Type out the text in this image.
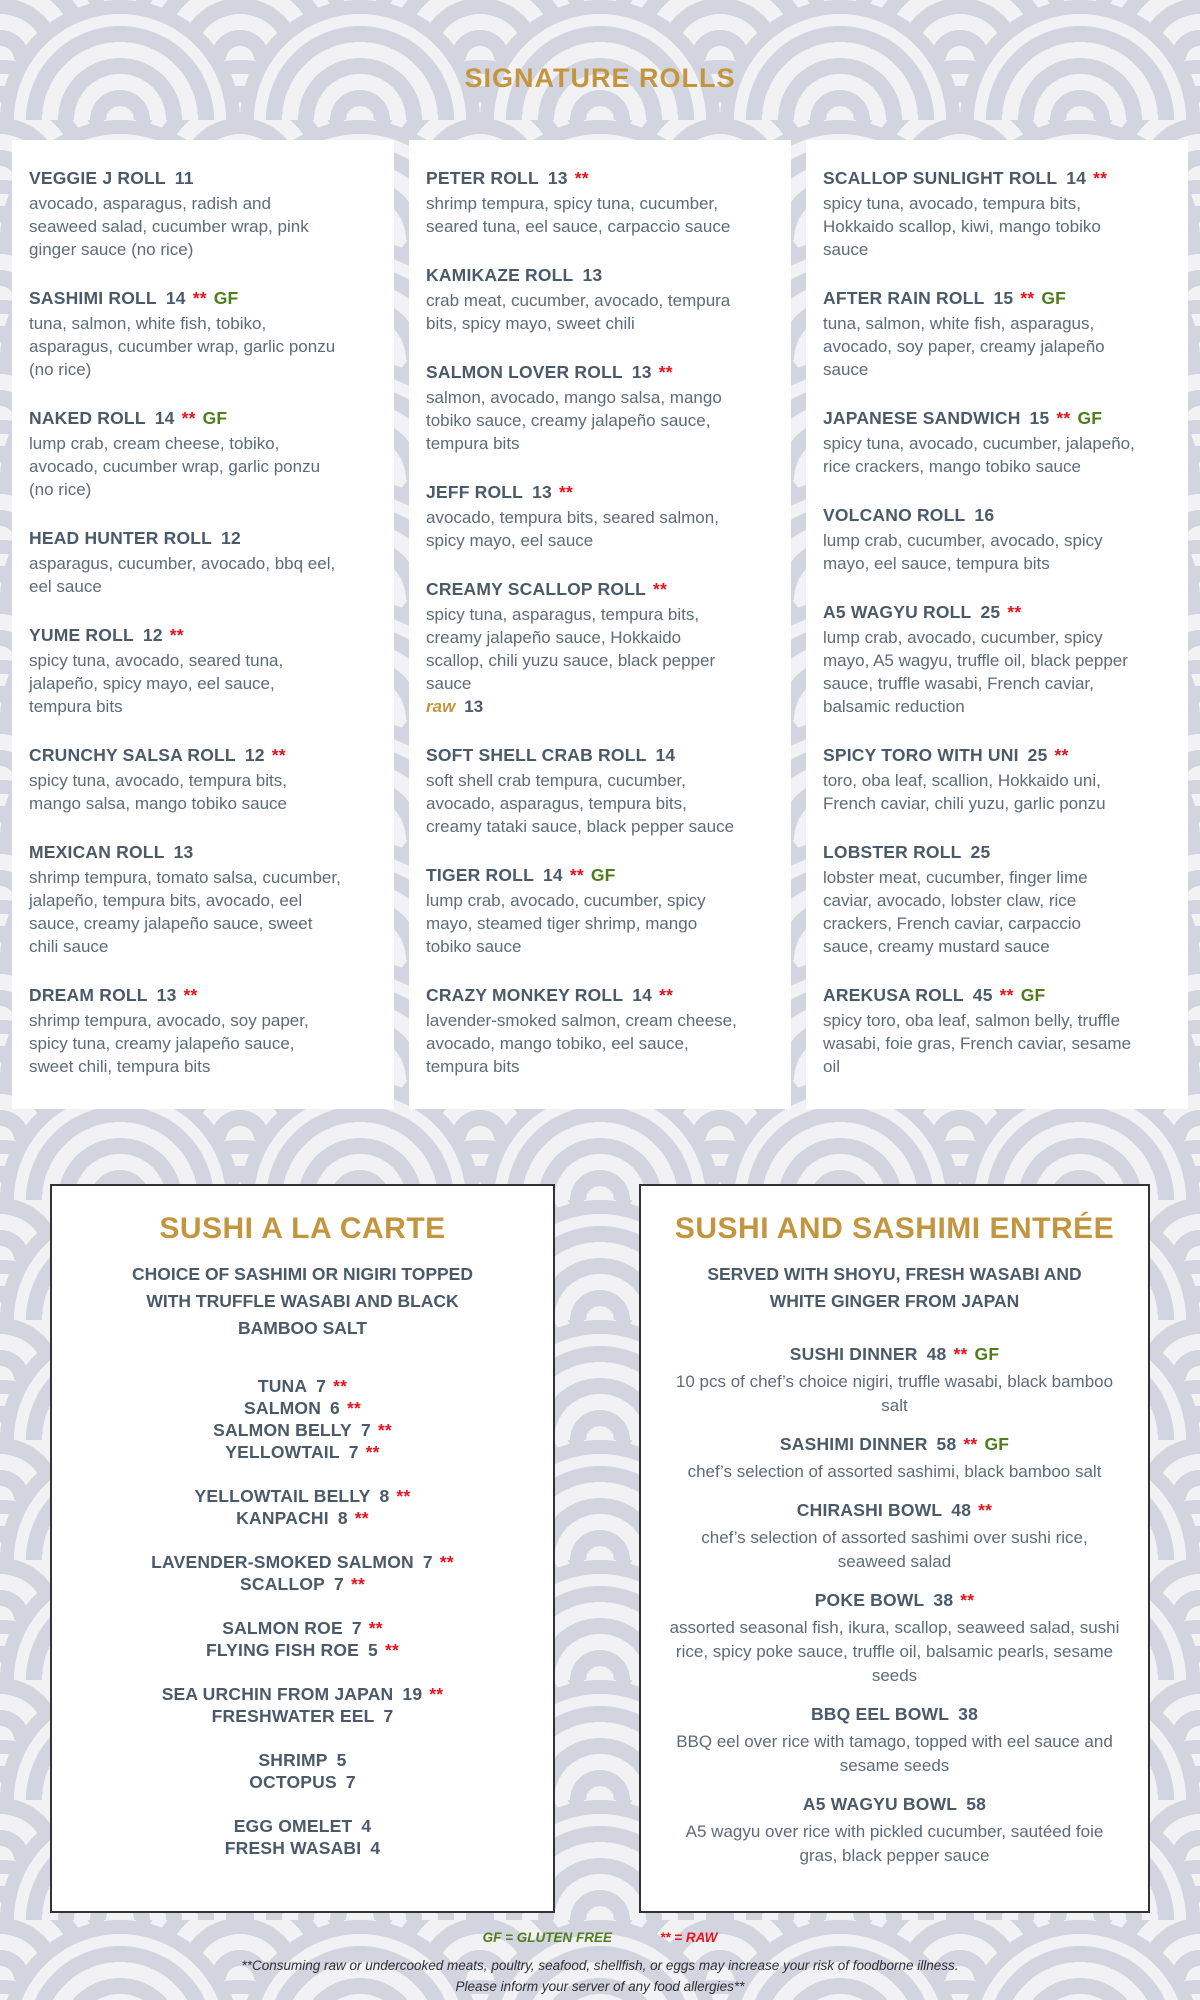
SIGNATURE ROLLS
VEGGIE J ROLL 11

avocado, asparagus, radish and seaweed salad, cucumber wrap, pink ginger sauce (no rice)

SASHIMI ROLL 14 ** GF

tuna, salmon, white fish, tobiko, asparagus, cucumber wrap, garlic ponzu (no rice)

NAKED ROLL 14 ** GF

lump crab, cream cheese, tobiko, avocado, cucumber wrap, garlic ponzu (no rice)

HEAD HUNTER ROLL 12

asparagus, cucumber, avocado, bbq eel, eel sauce

YUME ROLL 12 **

spicy tuna, avocado, seared tuna, jalapeño, spicy mayo, eel sauce, tempura bits

CRUNCHY SALSA ROLL 12 **

spicy tuna, avocado, tempura bits, mango salsa, mango tobiko sauce

MEXICAN ROLL 13

shrimp tempura, tomato salsa, cucumber, jalapeño, tempura bits, avocado, eel sauce, creamy jalapeño sauce, sweet chili sauce

DREAM ROLL 13 **

shrimp tempura, avocado, soy paper, spicy tuna, creamy jalapeño sauce, sweet chili, tempura bits

PETER ROLL 13 **

shrimp tempura, spicy tuna, cucumber, seared tuna, eel sauce, carpaccio sauce

KAMIKAZE ROLL 13

crab meat, cucumber, avocado, tempura bits, spicy mayo, sweet chili

SALMON LOVER ROLL 13 **

salmon, avocado, mango salsa, mango tobiko sauce, creamy jalapeño sauce, tempura bits

JEFF ROLL 13 **

avocado, tempura bits, seared salmon, spicy mayo, eel sauce

CREAMY SCALLOP ROLL **

spicy tuna, asparagus, tempura bits, creamy jalapeño sauce, Hokkaido scallop, chili yuzu sauce, black pepper sauce

raw 13
SOFT SHELL CRAB ROLL 14

soft shell crab tempura, cucumber, avocado, asparagus, tempura bits, creamy tataki sauce, black pepper sauce

TIGER ROLL 14 ** GF

lump crab, avocado, cucumber, spicy mayo, steamed tiger shrimp, mango tobiko sauce

CRAZY MONKEY ROLL 14 **

lavender-smoked salmon, cream cheese, avocado, mango tobiko, eel sauce, tempura bits

SCALLOP SUNLIGHT ROLL 14 **

spicy tuna, avocado, tempura bits, Hokkaido scallop, kiwi, mango tobiko sauce

AFTER RAIN ROLL 15 ** GF

tuna, salmon, white fish, asparagus, avocado, soy paper, creamy jalapeño sauce

JAPANESE SANDWICH 15 ** GF

spicy tuna, avocado, cucumber, jalapeño, rice crackers, mango tobiko sauce

VOLCANO ROLL 16

lump crab, cucumber, avocado, spicy mayo, eel sauce, tempura bits

A5 WAGYU ROLL 25 **

lump crab, avocado, cucumber, spicy mayo, A5 wagyu, truffle oil, black pepper sauce, truffle wasabi, French caviar, balsamic reduction

SPICY TORO WITH UNI 25 **

toro, oba leaf, scallion, Hokkaido uni, French caviar, chili yuzu, garlic ponzu

LOBSTER ROLL 25

lobster meat, cucumber, finger lime caviar, avocado, lobster claw, rice crackers, French caviar, carpaccio sauce, creamy mustard sauce

AREKUSA ROLL 45 ** GF

spicy toro, oba leaf, salmon belly, truffle wasabi, foie gras, French caviar, sesame oil

SUSHI A LA CARTE
CHOICE OF SASHIMI OR NIGIRI TOPPED
WITH TRUFFLE WASABI AND BLACK
BAMBOO SALT
TUNA 7 **
SALMON 6 **
SALMON BELLY 7 **
YELLOWTAIL 7 **
YELLOWTAIL BELLY 8 **
KANPACHI 8 **
LAVENDER-SMOKED SALMON 7 **
SCALLOP 7 **
SALMON ROE 7 **
FLYING FISH ROE 5 **
SEA URCHIN FROM JAPAN 19 **
FRESHWATER EEL 7
SHRIMP 5
OCTOPUS 7
EGG OMELET 4
FRESH WASABI 4
SUSHI AND SASHIMI ENTRÉE
SERVED WITH SHOYU, FRESH WASABI AND
WHITE GINGER FROM JAPAN
SUSHI DINNER 48 ** GF

10 pcs of chef’s choice nigiri, truffle wasabi, black bamboo salt

SASHIMI DINNER 58 ** GF

chef’s selection of assorted sashimi, black bamboo salt

CHIRASHI BOWL 48 **

chef’s selection of assorted sashimi over sushi rice, seaweed salad

POKE BOWL 38 **

assorted seasonal fish, ikura, scallop, seaweed salad, sushi rice, spicy poke sauce, truffle oil, balsamic pearls, sesame seeds

BBQ EEL BOWL 38

BBQ eel over rice with tamago, topped with eel sauce and sesame seeds

A5 WAGYU BOWL 58

A5 wagyu over rice with pickled cucumber, sautéed foie gras, black pepper sauce

GF = GLUTEN FREE	** = RAW

**Consuming raw or undercooked meats, poultry, seafood, shellfish, or eggs may increase your risk of foodborne illness.

Please inform your server of any food allergies**
